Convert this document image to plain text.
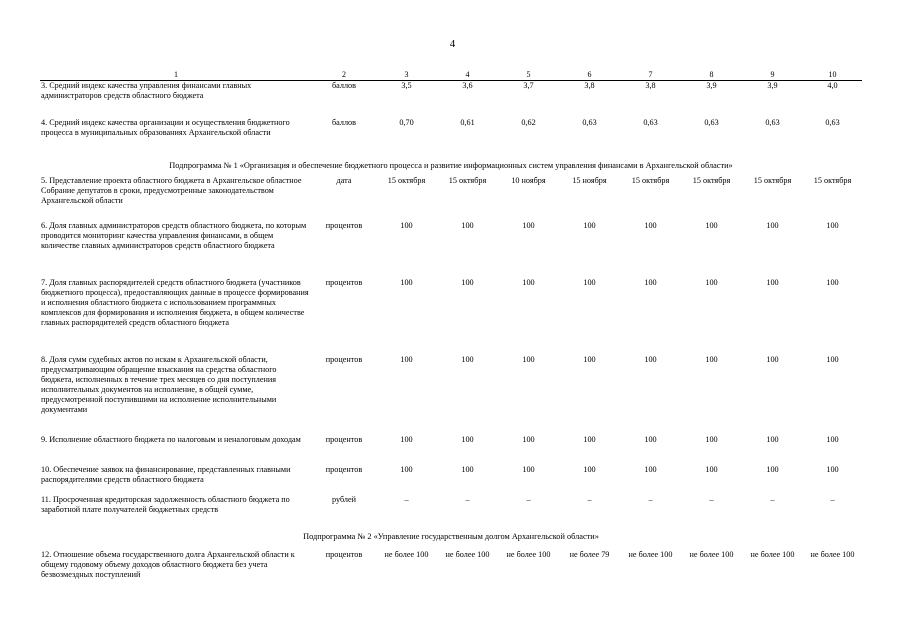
4
1	2	3	4	5	6	7	8	9	10
3. Средний индекс качества управления финансами главных администраторов средств областного бюджета	баллов	3,5	3,6	3,7	3,8	3,8	3,9	3,9	4,0
4. Средний индекс качества организации и осуществления бюджетного процесса в муниципальных образованиях Архангельской области	баллов	0,70	0,61	0,62	0,63	0,63	0,63	0,63	0,63
Подпрограмма № 1 «Организация и обеспечение бюджетного процесса и развитие информационных систем управления финансами в Архангельской области»									
5. Представление проекта областного бюджета в Архангельское областное Собрание депутатов в сроки, предусмотренные законодательством Архангельской области	дата	15 октября	15 октября	10 ноября	15 ноября	15 октября	15 октября	15 октября	15 октября
6. Доля главных администраторов средств областного бюджета, по которым проводится мониторинг качества управления финансами, в общем количестве главных администраторов средств областного бюджета	процентов	100	100	100	100	100	100	100	100
7. Доля главных распорядителей средств областного бюджета (участников бюджетного процесса), предоставляющих данные в процессе формирования и исполнения областного бюджета с использованием программных комплексов для формирования и исполнения бюджета, в общем количестве главных распорядителей средств областного бюджета	процентов	100	100	100	100	100	100	100	100
8. Доля сумм судебных актов по искам к Архангельской области, предусматривающим обращение взыскания на средства областного бюджета, исполненных в течение трех месяцев со дня поступления исполнительных документов на исполнение, в общей сумме, предусмотренной поступившими на исполнение исполнительными документами	процентов	100	100	100	100	100	100	100	100
9. Исполнение областного бюджета по налоговым и неналоговым доходам	процентов	100	100	100	100	100	100	100	100
10. Обеспечение заявок на финансирование, представленных главными распорядителями средств областного бюджета	процентов	100	100	100	100	100	100	100	100
11. Просроченная кредиторская задолженность областного бюджета по заработной плате получателей бюджетных средств	рублей	–	–	–	–	–	–	–	–
Подпрограмма № 2 «Управление государственным долгом Архангельской области»									
12. Отношение объема государственного долга Архангельской области к общему годовому объему доходов областного бюджета без учета безвозмездных поступлений	процентов	не более 100	не более 100	не более 100	не более 79	не более 100	не более 100	не более 100	не более 100
